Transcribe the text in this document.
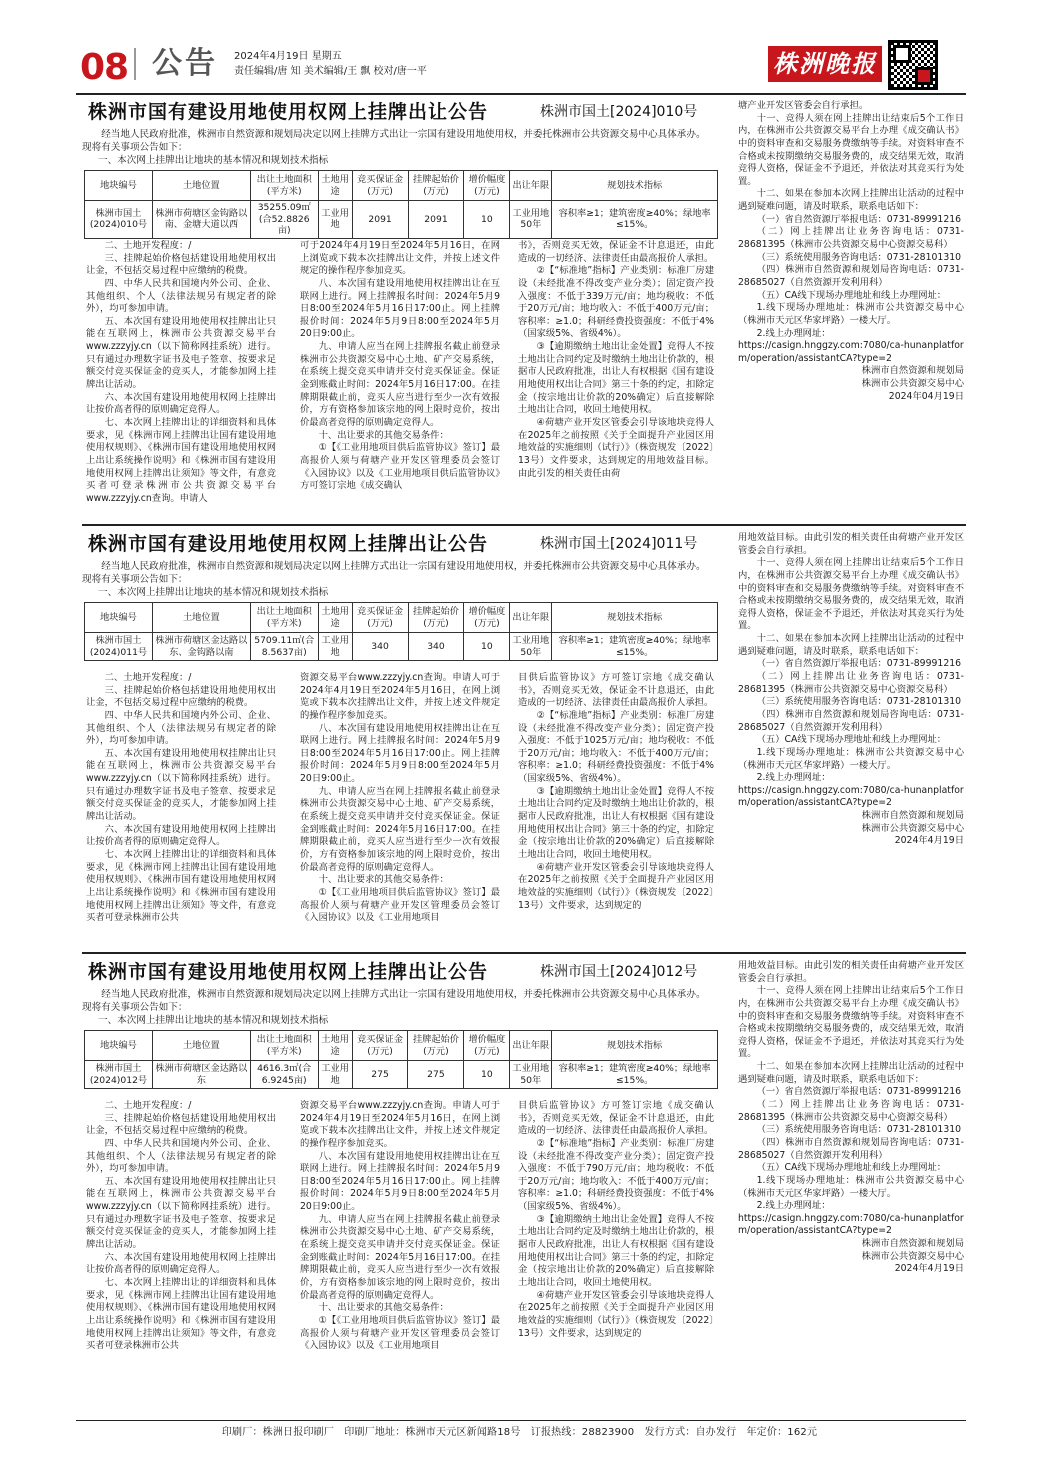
08 公告 2024年4月19日 星期五
责任编辑/唐 知 美术编辑/王 飘 校对/唐一平	株洲晚报
株洲市国有建设用地使用权网上挂牌出让公告	株洲市国土[2024]010号
经当地人民政府批准，株洲市自然资源和规划局决定以网上挂牌方式出让一宗国有建设用地使用权，并委托株洲市公共资源交易中心具体承办。现将有关事项公告如下：
一、本次网上挂牌出让地块的基本情况和规划技术指标
地块编号	土地位置	出让土地面积(平方米)	土地用途	竞买保证金(万元)	挂牌起始价(万元)	增价幅度(万元)	出让年限	规划技术指标
株洲市国土(2024)010号	株洲市荷塘区金钩路以南、金塘大道以西	35255.09㎡(合52.8826亩)	工业用地	2091	2091	10	工业用地50年	容积率≥1；建筑密度≥40%；绿地率≤15%。

二、土地开发程度：/

三、挂牌起始价格包括建设用地使用权出让金，不包括交易过程中应缴纳的税费。

四、中华人民共和国境内外公司、企业、其他组织、个人（法律法规另有规定者的除外），均可参加申请。

五、本次国有建设用地使用权挂牌出让只能在互联网上，株洲市公共资源交易平台www.zzzyjy.cn（以下简称网挂系统）进行。只有通过办理数字证书及电子签章、按要求足额交付竞买保证金的竞买人，才能参加网上挂牌出让活动。

六、本次国有建设用地使用权网上挂牌出让按价高者得的原则确定竞得人。

七、本次网上挂牌出让的详细资料和具体要求，见《株洲市网上挂牌出让国有建设用地使用权规则》、《株洲市国有建设用地使用权网上出让系统操作说明》和《株洲市国有建设用地使用权网上挂牌出让须知》等文件，有意竞买者可登录株洲市公共资源交易平台www.zzzyjy.cn查询。申请人

可于2024年4月19日至2024年5月16日，在网上浏览或下载本次挂牌出让文件，并按上述文件规定的操作程序参加竞买。

八、本次国有建设用地使用权挂牌出让在互联网上进行。网上挂牌报名时间：2024年5月9日8:00至2024年5月16日17:00止。网上挂牌报价时间：2024年5月9日8:00至2024年5月20日9:00止。

九、申请人应当在网上挂牌报名截止前登录株洲市公共资源交易中心土地、矿产交易系统，在系统上提交竞买申请并交付竞买保证金。保证金到账截止时间：2024年5月16日17:00。在挂牌期限截止前，竞买人应当进行至少一次有效报价，方有资格参加该宗地的网上限时竞价，按出价最高者竞得的原则确定竞得人。

十、出让要求的其他交易条件：

①【《工业用地项目供后监管协议》签订】最高报价人须与荷塘产业开发区管理委员会签订《入园协议》以及《工业用地项目供后监管协议》方可签订宗地《成交确认

书》，否则竞买无效，保证金不计息退还，由此造成的一切经济、法律责任由最高报价人承担。

②【“标准地”指标】产业类别：标准厂房建设（未经批准不得改变产业分类）；固定资产投入强度：不低于339万元/亩；地均税收：不低于20万元/亩；地均收入：不低于400万元/亩；容积率：≥1.0；科研经费投资强度：不低于4%（国家级5%、省级4%）。

③【逾期缴纳土地出让金处置】竞得人不按土地出让合同约定及时缴纳土地出让价款的，根据市人民政府批准，出让人有权根据《国有建设用地使用权出让合同》第三十条的约定，扣除定金（按宗地出让价款的20%确定）后直接解除土地出让合同，收回土地使用权。

④荷塘产业开发区管委会引导该地块竞得人在2025年之前按照《关于全面提升产业园区用地效益的实施细则（试行）》（株资规发〔2022〕13号）文件要求，达到规定的用地效益目标。由此引发的相关责任由荷

塘产业开发区管委会自行承担。

十一、竞得人须在网上挂牌出让结束后5个工作日内，在株洲市公共资源交易平台上办理《成交确认书》中的资料审查和交易服务费缴纳等手续。对资料审查不合格或未按期缴纳交易服务费的，成交结果无效，取消竞得人资格，保证金不予退还，并依法对其竞买行为处置。

十二、如果在参加本次网上挂牌出让活动的过程中遇到疑难问题，请及时联系，联系电话如下：

（一）省自然资源厅举报电话：0731-89991216

（二）网上挂牌出让业务咨询电话：0731-28681395（株洲市公共资源交易中心资源交易科）

（三）系统使用服务咨询电话：0731-28101310

（四）株洲市自然资源和规划局咨询电话：0731-28685027（自然资源开发利用科）

（五）CA线下现场办理地址和线上办理网址：

1.线下现场办理地址：株洲市公共资源交易中心（株洲市天元区华家坪路）一楼大厅。

2.线上办理网址：

https://casign.hnggzy.com:7080/ca-hunanplatform/operation/assistantCA?type=2

株洲市自然资源和规划局

株洲市公共资源交易中心

2024年04月19日

株洲市国有建设用地使用权网上挂牌出让公告	株洲市国土[2024]011号
经当地人民政府批准，株洲市自然资源和规划局决定以网上挂牌方式出让一宗国有建设用地使用权，并委托株洲市公共资源交易中心具体承办。现将有关事项公告如下：
一、本次网上挂牌出让地块的基本情况和规划技术指标
地块编号	土地位置	出让土地面积(平方米)	土地用途	竞买保证金(万元)	挂牌起始价(万元)	增价幅度(万元)	出让年限	规划技术指标
株洲市国土(2024)011号	株洲市荷塘区金达路以东、金钩路以南	5709.11㎡(合8.5637亩)	工业用地	340	340	10	工业用地50年	容积率≥1；建筑密度≥40%；绿地率≤15%。

二、土地开发程度：/

三、挂牌起始价格包括建设用地使用权出让金，不包括交易过程中应缴纳的税费。

四、中华人民共和国境内外公司、企业、其他组织、个人（法律法规另有规定者的除外），均可参加申请。

五、本次国有建设用地使用权挂牌出让只能在互联网上，株洲市公共资源交易平台www.zzzyjy.cn（以下简称网挂系统）进行。只有通过办理数字证书及电子签章、按要求足额交付竞买保证金的竞买人，才能参加网上挂牌出让活动。

六、本次国有建设用地使用权网上挂牌出让按价高者得的原则确定竞得人。

七、本次网上挂牌出让的详细资料和具体要求，见《株洲市网上挂牌出让国有建设用地使用权规则》、《株洲市国有建设用地使用权网上出让系统操作说明》和《株洲市国有建设用地使用权网上挂牌出让须知》等文件，有意竞买者可登录株洲市公共

资源交易平台www.zzzyjy.cn查询。申请人可于2024年4月19日至2024年5月16日，在网上浏览或下载本次挂牌出让文件，并按上述文件规定的操作程序参加竞买。

八、本次国有建设用地使用权挂牌出让在互联网上进行。网上挂牌报名时间：2024年5月9日8:00至2024年5月16日17:00止。网上挂牌报价时间：2024年5月9日8:00至2024年5月20日9:00止。

九、申请人应当在网上挂牌报名截止前登录株洲市公共资源交易中心土地、矿产交易系统，在系统上提交竞买申请并交付竞买保证金。保证金到账截止时间：2024年5月16日17:00。在挂牌期限截止前，竞买人应当进行至少一次有效报价，方有资格参加该宗地的网上限时竞价，按出价最高者竞得的原则确定竞得人。

十、出让要求的其他交易条件：

①【《工业用地项目供后监管协议》签订】最高报价人须与荷塘产业开发区管理委员会签订《入园协议》以及《工业用地项目

目供后监管协议》方可签订宗地《成交确认书》，否则竞买无效，保证金不计息退还，由此造成的一切经济、法律责任由最高报价人承担。

②【“标准地”指标】产业类别：标准厂房建设（未经批准不得改变产业分类）；固定资产投入强度：不低于1025万元/亩；地均税收：不低于20万元/亩；地均收入：不低于400万元/亩；容积率：≥1.0；科研经费投资强度：不低于4%（国家级5%、省级4%）。

③【逾期缴纳土地出让金处置】竞得人不按土地出让合同约定及时缴纳土地出让价款的，根据市人民政府批准，出让人有权根据《国有建设用地使用权出让合同》第三十条的约定，扣除定金（按宗地出让价款的20%确定）后直接解除土地出让合同，收回土地使用权。

④荷塘产业开发区管委会引导该地块竞得人在2025年之前按照《关于全面提升产业园区用地效益的实施细则（试行）》（株资规发〔2022〕13号）文件要求，达到规定的

用地效益目标。由此引发的相关责任由荷塘产业开发区管委会自行承担。

十一、竞得人须在网上挂牌出让结束后5个工作日内，在株洲市公共资源交易平台上办理《成交确认书》中的资料审查和交易服务费缴纳等手续。对资料审查不合格或未按期缴纳交易服务费的，成交结果无效，取消竞得人资格，保证金不予退还，并依法对其竞买行为处置。

十二、如果在参加本次网上挂牌出让活动的过程中遇到疑难问题，请及时联系，联系电话如下：

（一）省自然资源厅举报电话：0731-89991216

（二）网上挂牌出让业务咨询电话：0731-28681395（株洲市公共资源交易中心资源交易科）

（三）系统使用服务咨询电话：0731-28101310

（四）株洲市自然资源和规划局咨询电话：0731-28685027（自然资源开发利用科）

（五）CA线下现场办理地址和线上办理网址：

1.线下现场办理地址：株洲市公共资源交易中心（株洲市天元区华家坪路）一楼大厅。

2.线上办理网址：

https://casign.hnggzy.com:7080/ca-hunanplatform/operation/assistantCA?type=2

株洲市自然资源和规划局

株洲市公共资源交易中心

2024年4月19日

株洲市国有建设用地使用权网上挂牌出让公告	株洲市国土[2024]012号
经当地人民政府批准，株洲市自然资源和规划局决定以网上挂牌方式出让一宗国有建设用地使用权，并委托株洲市公共资源交易中心具体承办。现将有关事项公告如下：
一、本次网上挂牌出让地块的基本情况和规划技术指标
地块编号	土地位置	出让土地面积(平方米)	土地用途	竞买保证金(万元)	挂牌起始价(万元)	增价幅度(万元)	出让年限	规划技术指标
株洲市国土(2024)012号	株洲市荷塘区金达路以东	4616.3㎡(合6.9245亩)	工业用地	275	275	10	工业用地50年	容积率≥1；建筑密度≥40%；绿地率≤15%。

二、土地开发程度：/

三、挂牌起始价格包括建设用地使用权出让金，不包括交易过程中应缴纳的税费。

四、中华人民共和国境内外公司、企业、其他组织、个人（法律法规另有规定者的除外），均可参加申请。

五、本次国有建设用地使用权挂牌出让只能在互联网上，株洲市公共资源交易平台www.zzzyjy.cn（以下简称网挂系统）进行。只有通过办理数字证书及电子签章、按要求足额交付竞买保证金的竞买人，才能参加网上挂牌出让活动。

六、本次国有建设用地使用权网上挂牌出让按价高者得的原则确定竞得人。

七、本次网上挂牌出让的详细资料和具体要求，见《株洲市网上挂牌出让国有建设用地使用权规则》、《株洲市国有建设用地使用权网上出让系统操作说明》和《株洲市国有建设用地使用权网上挂牌出让须知》等文件，有意竞买者可登录株洲市公共

资源交易平台www.zzzyjy.cn查询。申请人可于2024年4月19日至2024年5月16日，在网上浏览或下载本次挂牌出让文件，并按上述文件规定的操作程序参加竞买。

八、本次国有建设用地使用权挂牌出让在互联网上进行。网上挂牌报名时间：2024年5月9日8:00至2024年5月16日17:00止。网上挂牌报价时间：2024年5月9日8:00至2024年5月20日9:00止。

九、申请人应当在网上挂牌报名截止前登录株洲市公共资源交易中心土地、矿产交易系统，在系统上提交竞买申请并交付竞买保证金。保证金到账截止时间：2024年5月16日17:00。在挂牌期限截止前，竞买人应当进行至少一次有效报价，方有资格参加该宗地的网上限时竞价，按出价最高者竞得的原则确定竞得人。

十、出让要求的其他交易条件：

①【《工业用地项目供后监管协议》签订】最高报价人须与荷塘产业开发区管理委员会签订《入园协议》以及《工业用地项目

目供后监管协议》方可签订宗地《成交确认书》，否则竞买无效，保证金不计息退还，由此造成的一切经济、法律责任由最高报价人承担。

②【“标准地”指标】产业类别：标准厂房建设（未经批准不得改变产业分类）；固定资产投入强度：不低于790万元/亩；地均税收：不低于20万元/亩；地均收入：不低于400万元/亩；容积率：≥1.0；科研经费投资强度：不低于4%（国家级5%、省级4%）。

③【逾期缴纳土地出让金处置】竞得人不按土地出让合同约定及时缴纳土地出让价款的，根据市人民政府批准，出让人有权根据《国有建设用地使用权出让合同》第三十条的约定，扣除定金（按宗地出让价款的20%确定）后直接解除土地出让合同，收回土地使用权。

④荷塘产业开发区管委会引导该地块竞得人在2025年之前按照《关于全面提升产业园区用地效益的实施细则（试行）》（株资规发〔2022〕13号）文件要求，达到规定的

用地效益目标。由此引发的相关责任由荷塘产业开发区管委会自行承担。

十一、竞得人须在网上挂牌出让结束后5个工作日内，在株洲市公共资源交易平台上办理《成交确认书》中的资料审查和交易服务费缴纳等手续。对资料审查不合格或未按期缴纳交易服务费的，成交结果无效，取消竞得人资格，保证金不予退还，并依法对其竞买行为处置。

十二、如果在参加本次网上挂牌出让活动的过程中遇到疑难问题，请及时联系，联系电话如下：

（一）省自然资源厅举报电话：0731-89991216

（二）网上挂牌出让业务咨询电话：0731-28681395（株洲市公共资源交易中心资源交易科）

（三）系统使用服务咨询电话：0731-28101310

（四）株洲市自然资源和规划局咨询电话：0731-28685027（自然资源开发利用科）

（五）CA线下现场办理地址和线上办理网址：

1.线下现场办理地址：株洲市公共资源交易中心（株洲市天元区华家坪路）一楼大厅。

2.线上办理网址：

https://casign.hnggzy.com:7080/ca-hunanplatform/operation/assistantCA?type=2

株洲市自然资源和规划局

株洲市公共资源交易中心

2024年4月19日

印刷厂：株洲日报印刷厂　印刷厂地址：株洲市天元区新闻路18号　订报热线：28823900　发行方式：自办发行　年定价：162元
